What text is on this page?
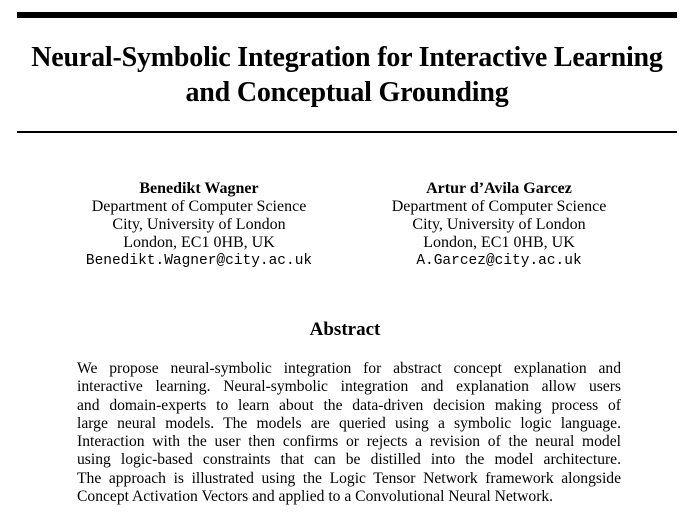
Neural-Symbolic Integration for Interactive Learning
and Conceptual Grounding
Benedikt Wagner
Department of Computer Science
City, University of London
London, EC1 0HB, UK
Benedikt.Wagner@city.ac.uk
Artur d’Avila Garcez
Department of Computer Science
City, University of London
London, EC1 0HB, UK
A.Garcez@city.ac.uk
Abstract
We propose neural-symbolic integration for abstract concept explanation and
interactive learning. Neural-symbolic integration and explanation allow users
and domain-experts to learn about the data-driven decision making process of
large neural models. The models are queried using a symbolic logic language.
Interaction with the user then confirms or rejects a revision of the neural model
using logic-based constraints that can be distilled into the model architecture.
The approach is illustrated using the Logic Tensor Network framework alongside
Concept Activation Vectors and applied to a Convolutional Neural Network.
